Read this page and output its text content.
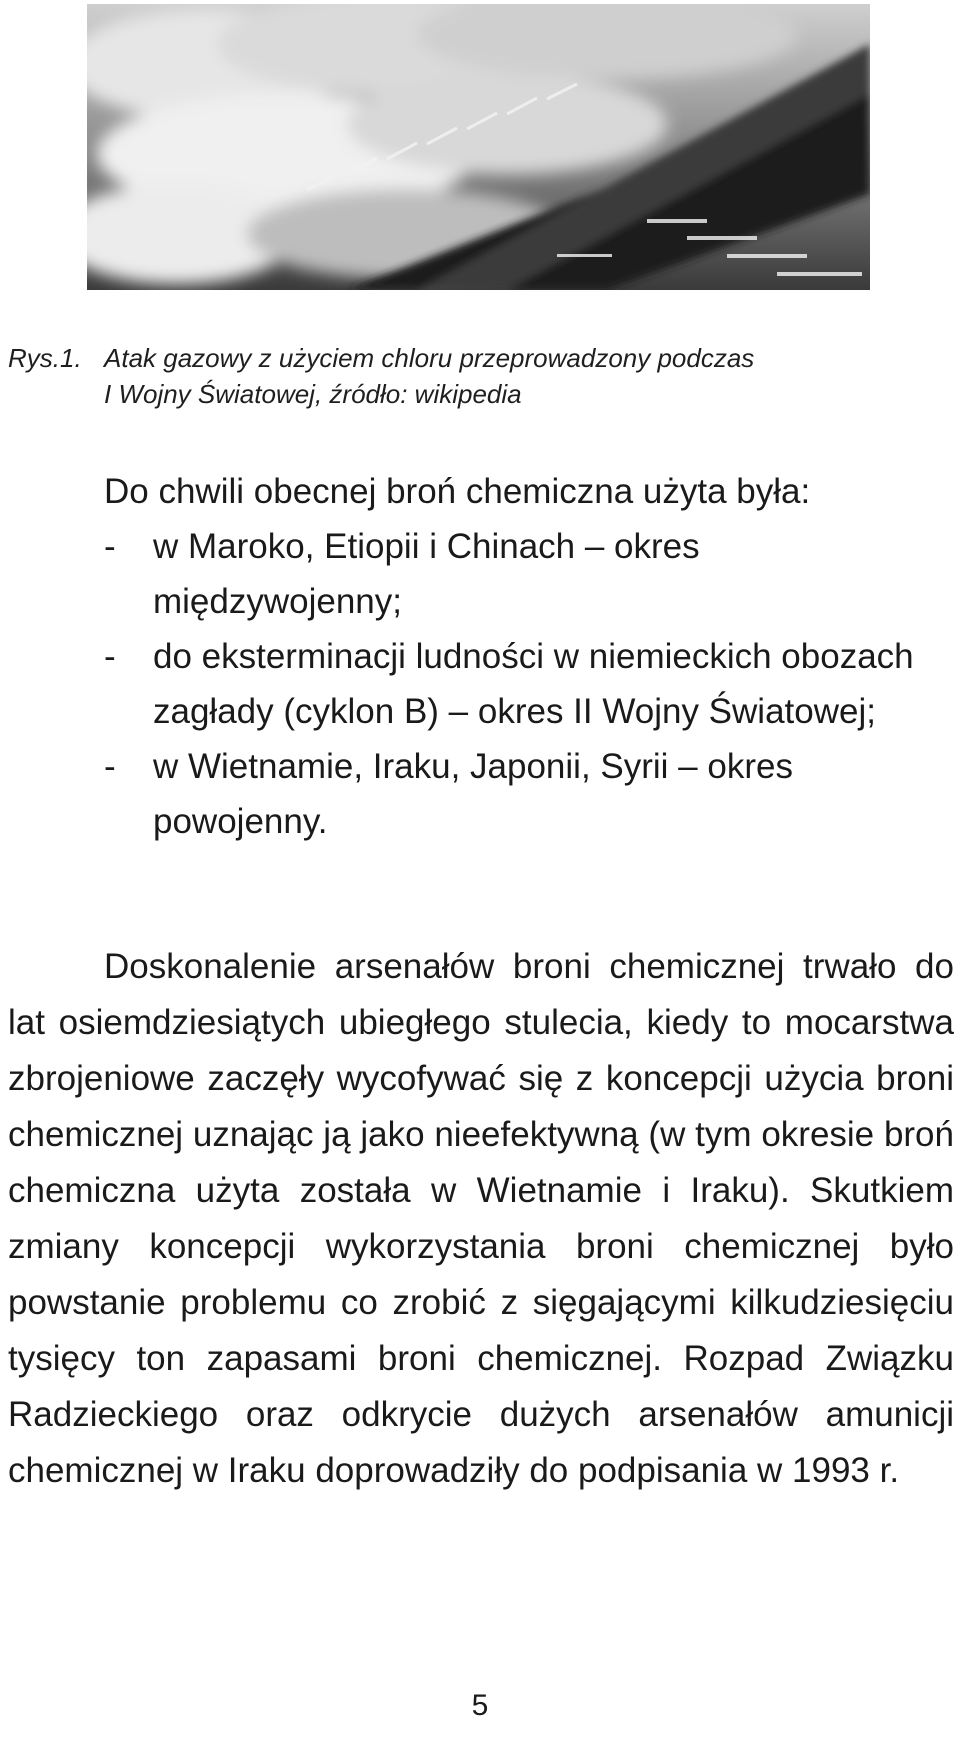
Rys.1. Atak gazowy z użyciem chloru przeprowadzony podczas
I Wojny Światowej, źródło: wikipedia
Do chwili obecnej broń chemiczna użyta była:
- w Maroko, Etiopii i Chinach – okres międzywojenny;
- do eksterminacji ludności w niemieckich obozach zagłady (cyklon B) – okres II Wojny Światowej;
- w Wietnamie, Iraku, Japonii, Syrii – okres powojenny.

Doskonalenie arsenałów broni chemicznej trwało do lat osiemdziesiątych ubiegłego stulecia, kiedy to mocarstwa zbrojeniowe zaczęły wycofywać się z koncepcji użycia broni chemicznej uznając ją jako nieefektywną (w tym okresie broń chemiczna użyta została w Wietnamie i Iraku). Skutkiem zmiany koncepcji wykorzystania broni chemicznej było powstanie problemu co zrobić z sięgającymi kilkudziesięciu tysięcy ton zapasami broni chemicznej. Rozpad Związku Radzieckiego oraz odkrycie dużych arsenałów amunicji chemicznej w Iraku doprowadziły do podpisania w 1993 r.

5
